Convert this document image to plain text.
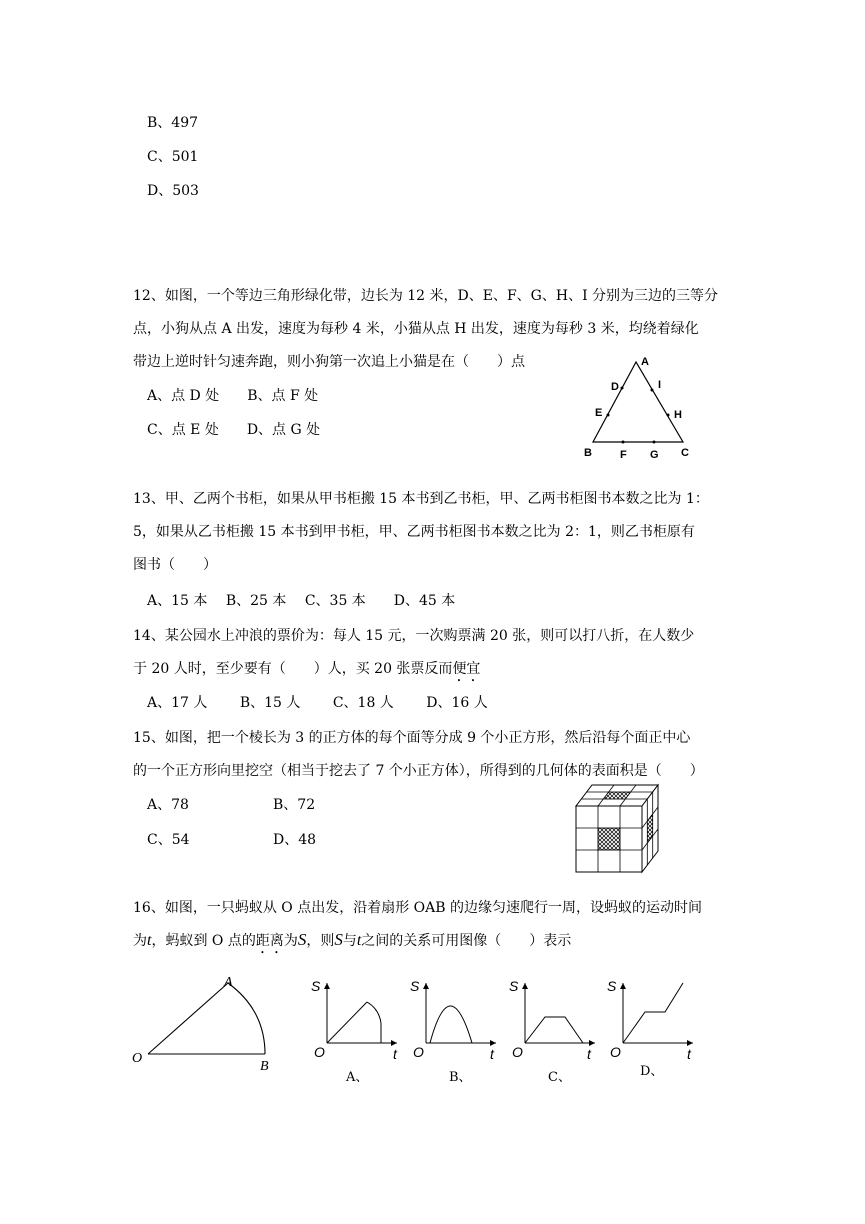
B、497
C、501
D、503
12、如图，一个等边三角形绿化带，边长为 12 米，D、E、F、G、H、I 分别为三边的三等分
点，小狗从点 A 出发，速度为每秒 4 米，小猫从点 H 出发，速度为每秒 3 米，均绕着绿化
带边上逆时针匀速奔跑，则小狗第一次追上小猫是在（　　）点
A、点 D 处　　B、点 F 处
C、点 E 处　　D、点 G 处
A
D	I
E	H
B	F G C
13、甲、乙两个书柜，如果从甲书柜搬 15 本书到乙书柜，甲、乙两书柜图书本数之比为 1：
5，如果从乙书柜搬 15 本书到甲书柜，甲、乙两书柜图书本数之比为 2：1，则乙书柜原有
图书（　　）
A、15 本　 B、25 本　 C、35 本　　D、45 本
14、某公园水上冲浪的票价为：每人 15 元，一次购票满 20 张，则可以打八折，在人数少
于 20 人时，至少要有（　　）人，买 20 张票反而便宜
A、17 人　　 B、15 人　　 C、18 人　　 D、16 人
15、如图，把一个棱长为 3 的正方体的每个面等分成 9 个小正方形，然后沿每个面正中心
的一个正方形向里挖空（相当于挖去了 7 个小正方体），所得到的几何体的表面积是（　　）
A、78	B、72
C、54	D、48
16、如图，一只蚂蚁从 O 点出发，沿着扇形 OAB 的边缘匀速爬行一周，设蚂蚁的运动时间
为t，蚂蚁到 O 点的距离为S，则S与t之间的关系可用图像（　　）表示
O
A
B
S
O	t
A、
S
O	t
B、
S
O	t
C、
S
O	t
D、
